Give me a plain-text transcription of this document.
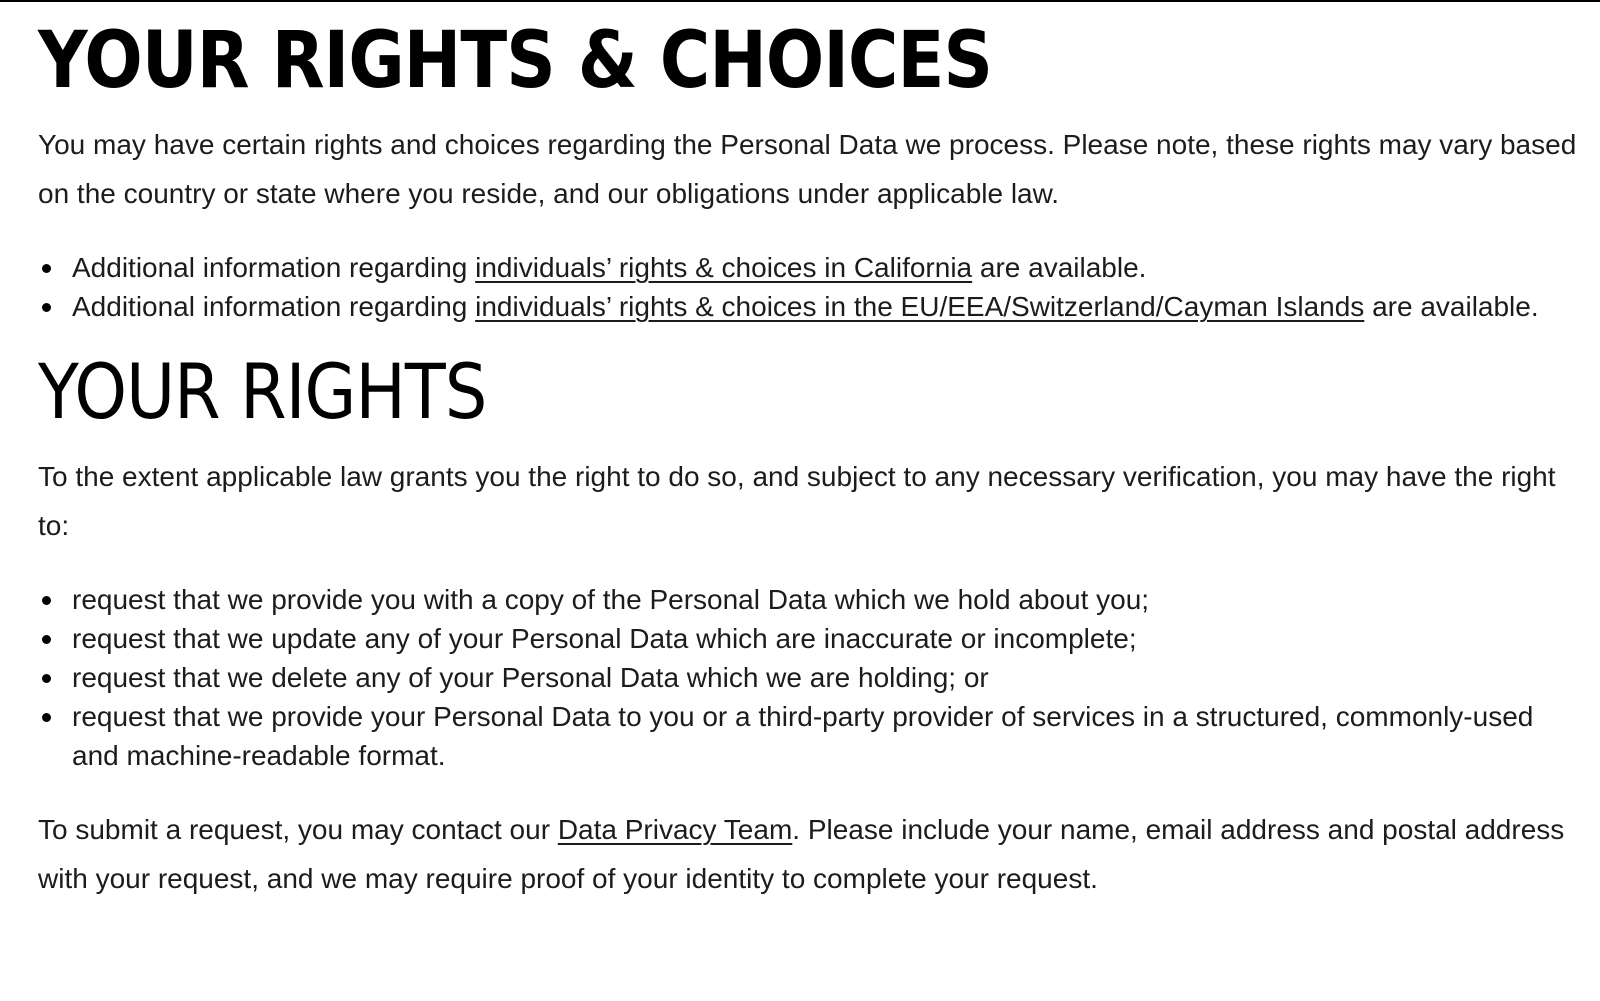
YOUR RIGHTS & CHOICES

You may have certain rights and choices regarding the Personal Data we process. Please note, these rights may vary based on the country or state where you reside, and our obligations under applicable law.

Additional information regarding individuals’ rights & choices in California are available.
Additional information regarding individuals’ rights & choices in the EU/EEA/Switzerland/Cayman Islands are available.
YOUR RIGHTS

To the extent applicable law grants you the right to do so, and subject to any necessary verification, you may have the right to:

request that we provide you with a copy of the Personal Data which we hold about you;
request that we update any of your Personal Data which are inaccurate or incomplete;
request that we delete any of your Personal Data which we are holding; or
request that we provide your Personal Data to you or a third-party provider of services in a structured, commonly-used and machine-readable format.

To submit a request, you may contact our Data Privacy Team. Please include your name, email address and postal address with your request, and we may require proof of your identity to complete your request.
